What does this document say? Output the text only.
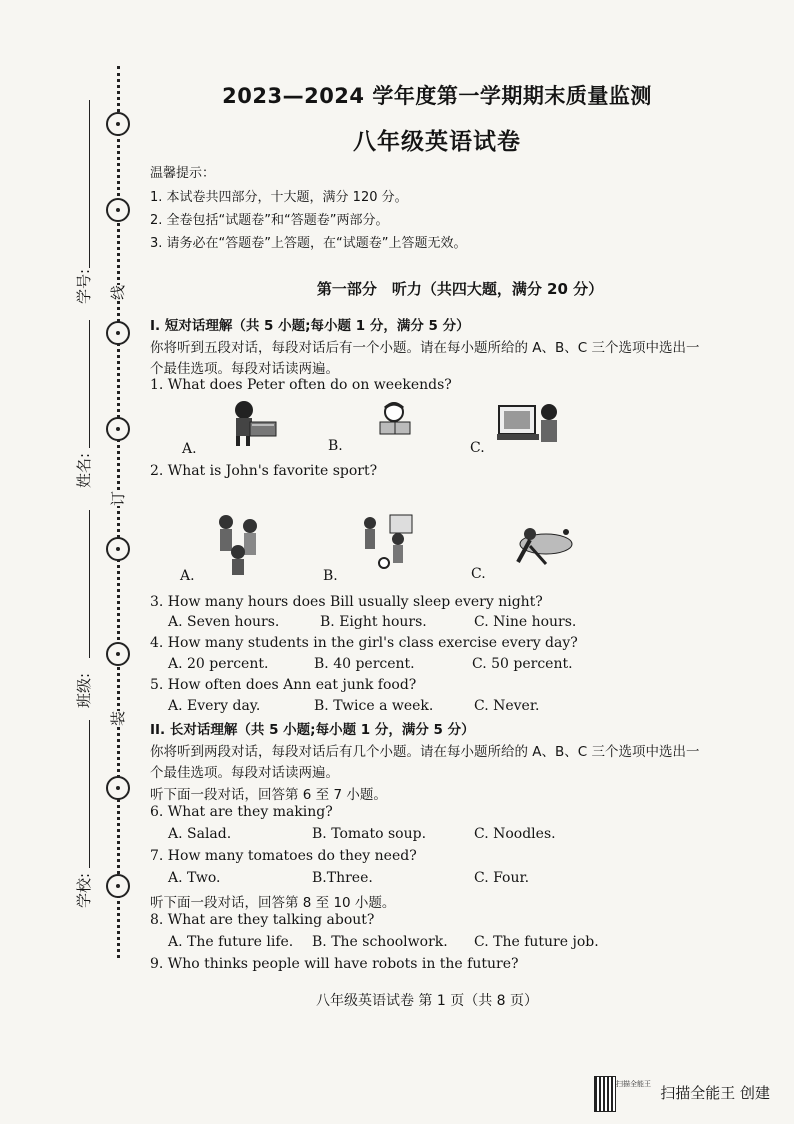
学号:
姓名:
班级:
学校:
线
订
装
2023—2024 学年度第一学期期末质量监测
八年级英语试卷
温馨提示：
1. 本试卷共四部分，十大题，满分 120 分。
2. 全卷包括“试题卷”和“答题卷”两部分。
3. 请务必在“答题卷”上答题，在“试题卷”上答题无效。
第一部分　听力（共四大题，满分 20 分）
I. 短对话理解（共 5 小题;每小题 1 分，满分 5 分）
你将听到五段对话，每段对话后有一个小题。请在每小题所给的 A、B、C 三个选项中选出一
个最佳选项。每段对话读两遍。
1. What does Peter often do on weekends?
A.	B.	C.
2. What is John's favorite sport?
A.	B.	C.
3. How many hours does Bill usually sleep every night?
A. Seven hours.	B. Eight hours.	C. Nine hours.
4. How many students in the girl's class exercise every day?
A. 20 percent.	B. 40 percent.	C. 50 percent.
5. How often does Ann eat junk food?
A. Every day.	B. Twice a week.	C. Never.
II. 长对话理解（共 5 小题;每小题 1 分，满分 5 分）
你将听到两段对话，每段对话后有几个小题。请在每小题所给的 A、B、C 三个选项中选出一
个最佳选项。每段对话读两遍。
听下面一段对话，回答第 6 至 7 小题。
6. What are they making?
A. Salad.	B. Tomato soup.	C. Noodles.
7. How many tomatoes do they need?
A. Two.	B.Three.	C. Four.
听下面一段对话，回答第 8 至 10 小题。
8. What are they talking about?
A. The future life. B. The schoolwork. C. The future job.
9. Who thinks people will have robots in the future?
八年级英语试卷 第 1 页（共 8 页）
扫描全能王 扫描全能王 创建
